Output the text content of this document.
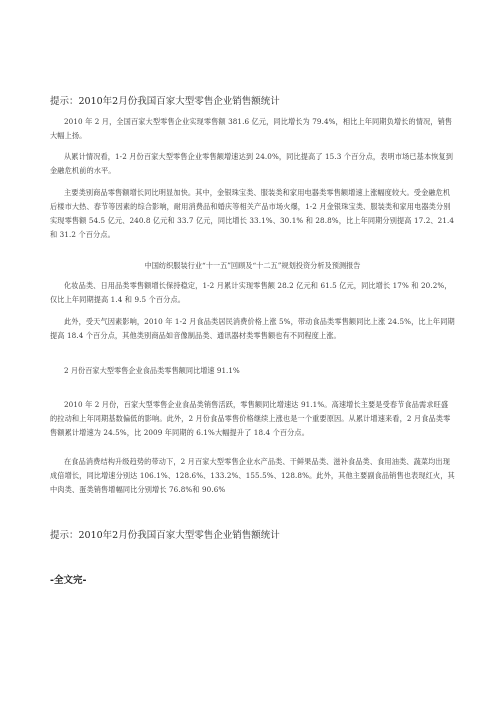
提示：2010年2月份我国百家大型零售企业销售额统计
2010 年 2 月，全国百家大型零售企业实现零售额 381.6 亿元，同比增长为 79.4%，相比上年同期负增长的情况，销售大幅上扬。
从累计情况看，1-2 月份百家大型零售企业零售额增速达到 24.0%，同比提高了 15.3 个百分点，表明市场已基本恢复到金融危机前的水平。
主要类别商品零售额增长同比明显加快。其中，金银珠宝类、服装类和家用电器类零售额增速上涨幅度较大。受金融危机后楼市大热、春节等因素的综合影响，耐用消费品和婚庆等相关产品市场火爆，1-2 月金银珠宝类、服装类和家用电器类分别实现零售额 54.5 亿元、240.8 亿元和 33.7 亿元，同比增长 33.1%、30.1% 和 28.8%，比上年同期分别提高 17.2、21.4 和 31.2 个百分点。
中国纺织服装行业“十一五”回顾及“十二五”规划投资分析及预测报告
化妆品类、日用品类零售额增长保持稳定，1-2 月累计实现零售额 28.2 亿元和 61.5 亿元，同比增长 17% 和 20.2%，仅比上年同期提高 1.4 和 9.5 个百分点。
此外，受天气因素影响，2010 年 1-2 月食品类居民消费价格上涨 5%，带动食品类零售额同比上涨 24.5%，比上年同期提高 18.4 个百分点，其他类别商品如音像制品类、通讯器材类零售额也有不同程度上涨。
2 月份百家大型零售企业食品类零售额同比增速 91.1%
2010 年 2 月份，百家大型零售企业食品类销售活跃，零售额同比增速达 91.1%。高速增长主要是受春节食品需求旺盛的拉动和上年同期基数偏低的影响。此外，2 月份食品零售价格继续上涨也是一个重要原因。从累计增速来看，2 月食品类零售额累计增速为 24.5%，比 2009 年同期的 6.1%大幅提升了 18.4 个百分点。
在食品消费结构升级趋势的带动下，2 月百家大型零售企业水产品类、干鲜果品类、滋补食品类、食用油类、蔬菜均出现成倍增长，同比增速分别达 106.1%、128.6%、133.2%、155.5%、128.8%。此外，其他主要副食品销售也表现红火，其中肉类、蛋类销售增幅同比分别增长 76.8%和 90.6%
提示：2010年2月份我国百家大型零售企业销售额统计
-全文完-
